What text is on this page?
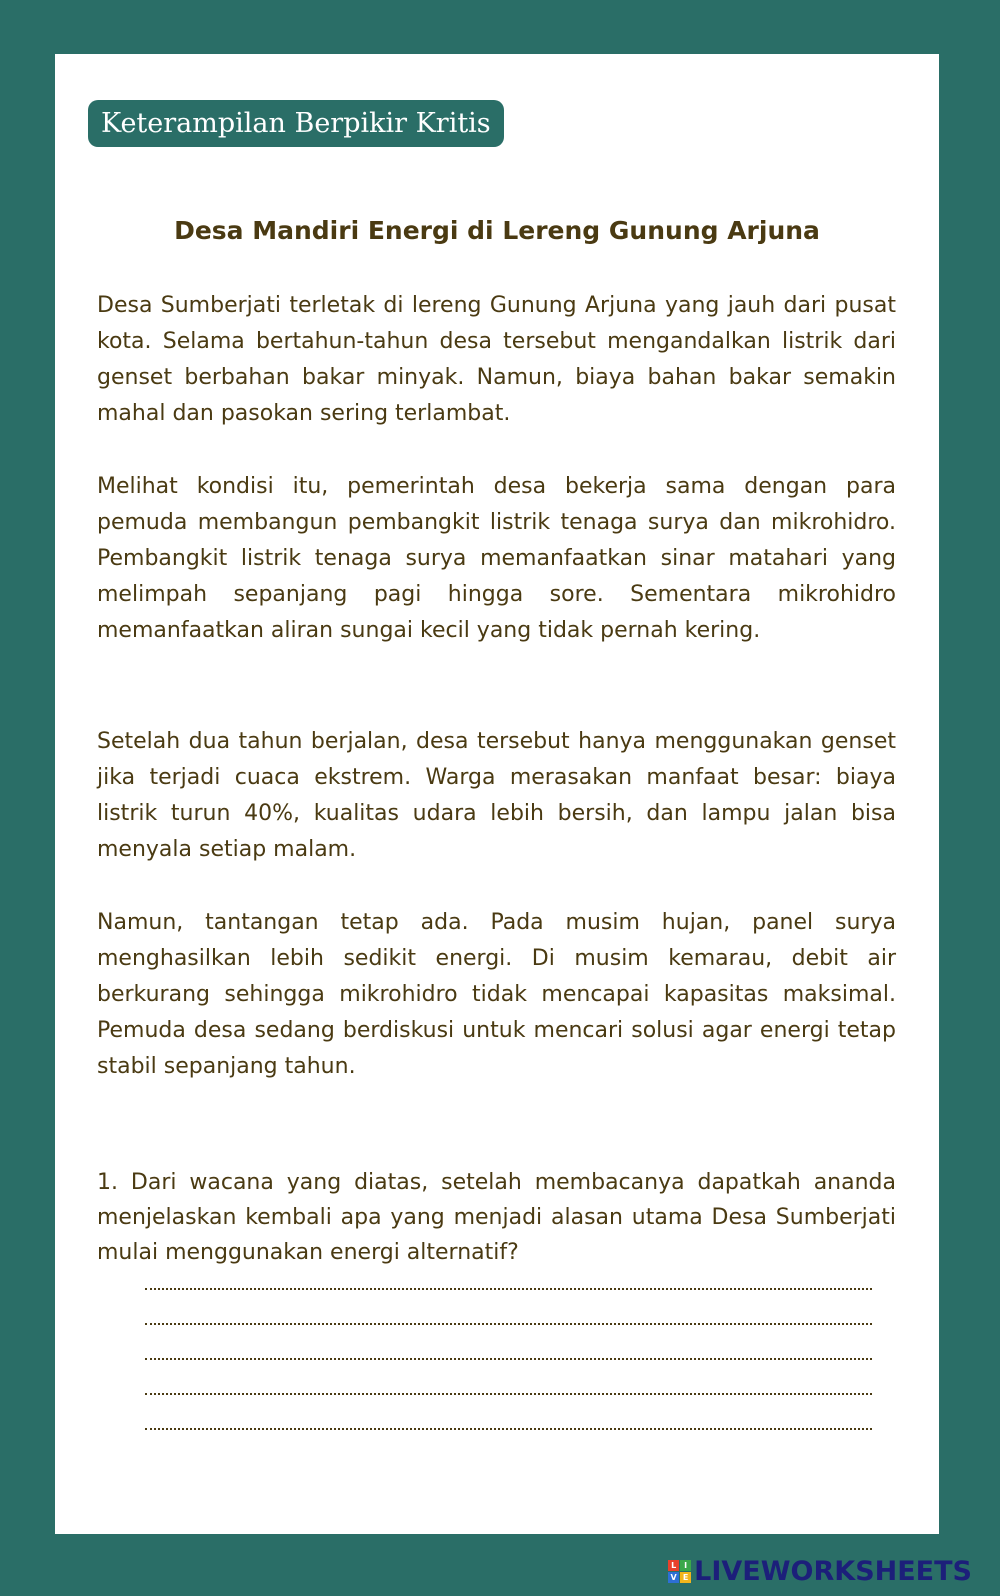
Keterampilan Berpikir Kritis
Desa Mandiri Energi di Lereng Gunung Arjuna

Desa Sumberjati terletak di lereng Gunung Arjuna yang jauh dari pusat kota. Selama bertahun-tahun desa tersebut mengandalkan listrik dari genset berbahan bakar minyak. Namun, biaya bahan bakar semakin mahal dan pasokan sering terlambat.

Melihat kondisi itu, pemerintah desa bekerja sama dengan para pemuda membangun pembangkit listrik tenaga surya dan mikrohidro. Pembangkit listrik tenaga surya memanfaatkan sinar matahari yang melimpah sepanjang pagi hingga sore. Sementara mikrohidro memanfaatkan aliran sungai kecil yang tidak pernah kering.

Setelah dua tahun berjalan, desa tersebut hanya menggunakan genset jika terjadi cuaca ekstrem. Warga merasakan manfaat besar: biaya listrik turun 40%, kualitas udara lebih bersih, dan lampu jalan bisa menyala setiap malam.

Namun, tantangan tetap ada. Pada musim hujan, panel surya menghasilkan lebih sedikit energi. Di musim kemarau, debit air berkurang sehingga mikrohidro tidak mencapai kapasitas maksimal. Pemuda desa sedang berdiskusi untuk mencari solusi agar energi tetap stabil sepanjang tahun.

1. Dari wacana yang diatas, setelah membacanya dapatkah ananda menjelaskan kembali apa yang menjadi alasan utama Desa Sumberjati mulai menggunakan energi alternatif?

L I
V E LIVEWORKSHEETS
